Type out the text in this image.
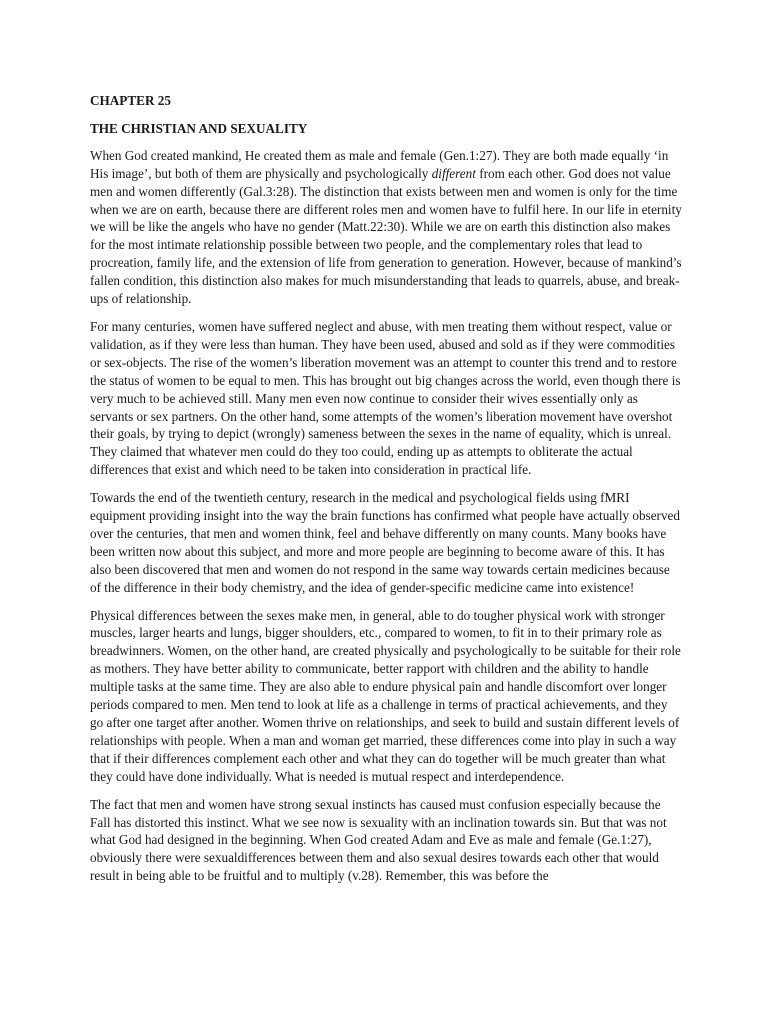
CHAPTER 25
THE CHRISTIAN AND SEXUALITY

When God created mankind, He created them as male and female (Gen.1:27). They are both made equally ‘in His image’, but both of them are physically and psychologically different from each other. God does not value men and women differently (Gal.3:28). The distinction that exists between men and women is only for the time when we are on earth, because there are different roles men and women have to fulfil here. In our life in eternity we will be like the angels who have no gender (Matt.22:30). While we are on earth this distinction also makes for the most intimate relationship possible between two people, and the complementary roles that lead to procreation, family life, and the extension of life from generation to generation. However, because of mankind’s fallen condition, this distinction also makes for much misunderstanding that leads to quarrels, abuse, and break-ups of relationship.

For many centuries, women have suffered neglect and abuse, with men treating them without respect, value or validation, as if they were less than human. They have been used, abused and sold as if they were commodities or sex-objects. The rise of the women’s liberation movement was an attempt to counter this trend and to restore the status of women to be equal to men. This has brought out big changes across the world, even though there is very much to be achieved still. Many men even now continue to consider their wives essentially only as servants or sex partners. On the other hand, some attempts of the women’s liberation movement have overshot their goals, by trying to depict (wrongly) sameness between the sexes in the name of equality, which is unreal. They claimed that whatever men could do they too could, ending up as attempts to obliterate the actual differences that exist and which need to be taken into consideration in practical life.

Towards the end of the twentieth century, research in the medical and psychological fields using fMRI equipment providing insight into the way the brain functions has confirmed what people have actually observed over the centuries, that men and women think, feel and behave differently on many counts. Many books have been written now about this subject, and more and more people are beginning to become aware of this. It has also been discovered that men and women do not respond in the same way towards certain medicines because of the difference in their body chemistry, and the idea of gender-specific medicine came into existence!

Physical differences between the sexes make men, in general, able to do tougher physical work with stronger muscles, larger hearts and lungs, bigger shoulders, etc., compared to women, to fit in to their primary role as breadwinners. Women, on the other hand, are created physically and psychologically to be suitable for their role as mothers. They have better ability to communicate, better rapport with children and the ability to handle multiple tasks at the same time. They are also able to endure physical pain and handle discomfort over longer periods compared to men. Men tend to look at life as a challenge in terms of practical achievements, and they go after one target after another. Women thrive on relationships, and seek to build and sustain different levels of relationships with people. When a man and woman get married, these differences come into play in such a way that if their differences complement each other and what they can do together will be much greater than what they could have done individually. What is needed is mutual respect and interdependence.

The fact that men and women have strong sexual instincts has caused must confusion especially because the Fall has distorted this instinct. What we see now is sexuality with an inclination towards sin. But that was not what God had designed in the beginning. When God created Adam and Eve as male and female (Ge.1:27), obviously there were sexualdifferences between them and also sexual desires towards each other that would result in being able to be fruitful and to multiply (v.28). Remember, this was before the
